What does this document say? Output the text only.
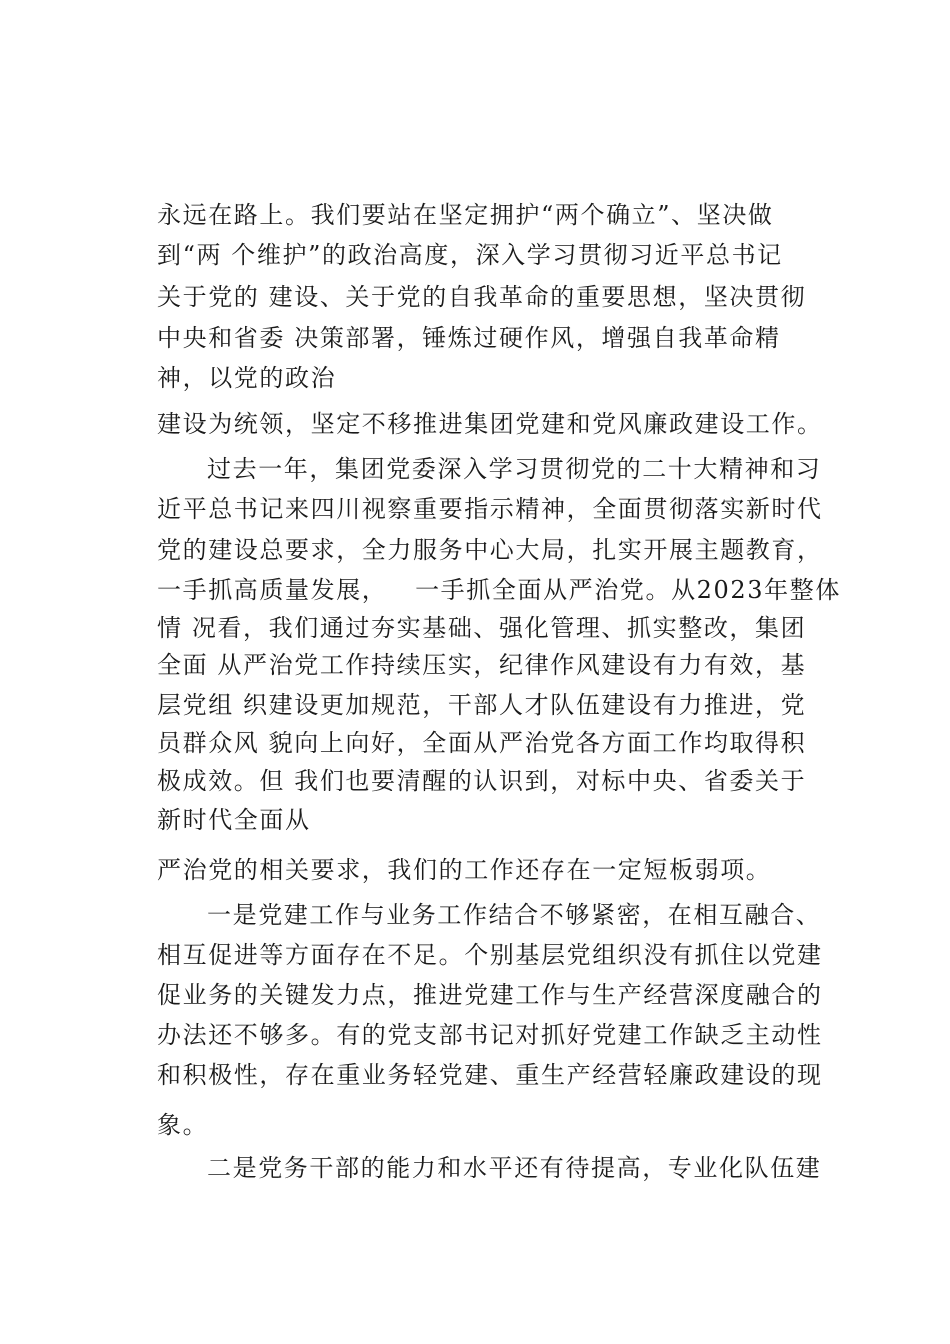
永远在路上。我们要站在坚定拥护“两个确立”、坚决做
到“两 个维护”的政治高度，深入学习贯彻习近平总书记
关于党的 建设、关于党的自我革命的重要思想，坚决贯彻
中央和省委 决策部署，锤炼过硬作风，增强自我革命精
神，以党的政治
建设为统领，坚定不移推进集团党建和党风廉政建设工作。
过去一年，集团党委深入学习贯彻党的二十大精神和习
近平总书记来四川视察重要指示精神，全面贯彻落实新时代
党的建设总要求，全力服务中心大局，扎实开展主题教育，
一手抓高质量发展，   一手抓全面从严治党。从2023年整体
情 况看，我们通过夯实基础、强化管理、抓实整改，集团
全面 从严治党工作持续压实，纪律作风建设有力有效，基
层党组 织建设更加规范，干部人才队伍建设有力推进，党
员群众风 貌向上向好，全面从严治党各方面工作均取得积
极成效。但 我们也要清醒的认识到，对标中央、省委关于
新时代全面从
严治党的相关要求，我们的工作还存在一定短板弱项。
一是党建工作与业务工作结合不够紧密，在相互融合、
相互促进等方面存在不足。个别基层党组织没有抓住以党建
促业务的关键发力点，推进党建工作与生产经营深度融合的
办法还不够多。有的党支部书记对抓好党建工作缺乏主动性
和积极性，存在重业务轻党建、重生产经营轻廉政建设的现
象。
二是党务干部的能力和水平还有待提高，专业化队伍建
